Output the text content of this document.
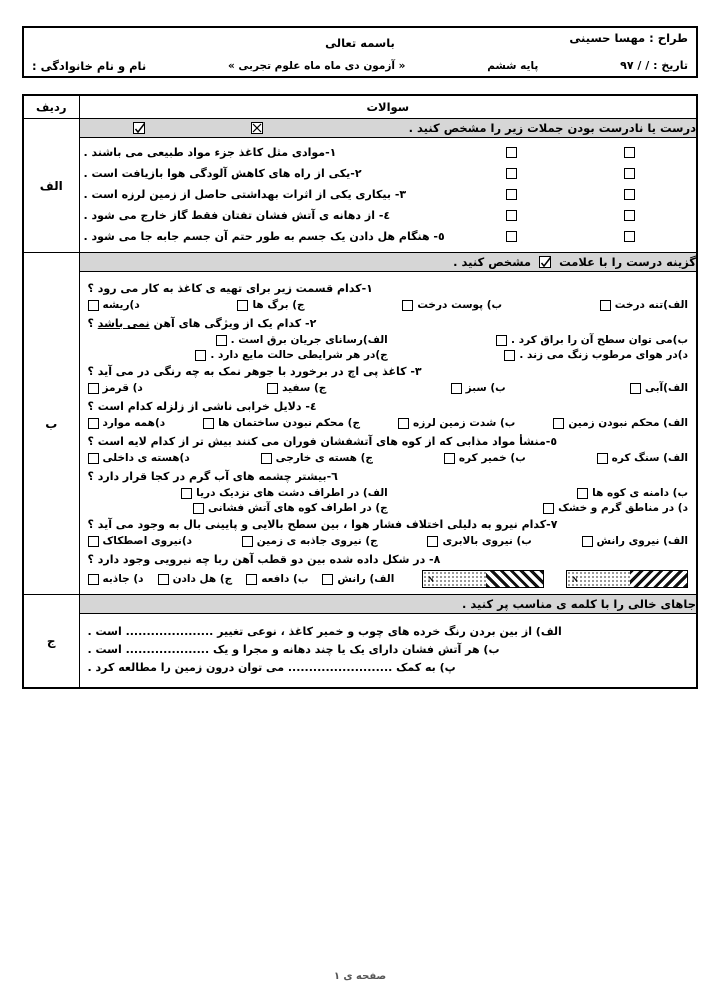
طراح : مهسا حسینی
باسمه تعالی
تاریخ : / / ۹۷
پایه ششم
« آزمون دی ماه ماه علوم تجربی »
نام و نام خانوادگی :
سوالات	ردیف
درست یا نادرست بودن جملات زیر را مشخص کنید .	الف

۱-موادی مثل کاغذ جزء مواد طبیعی می باشند .
۲-یکی از راه های کاهش آلودگی هوا بازیافت است .
۳- بیکاری یکی از اثرات بهداشتی حاصل از زمین لرزه است .
٤- از دهانه ی آتش فشان تفتان فقط گاز خارج می شود .
٥- هنگام هل دادن یک جسم به طور حتم آن جسم جابه جا می شود .	

گزینه درست را با علامت
مشخص کنید .	ب

۱-کدام قسمت زیر برای تهیه ی کاغذ به کار می رود ؟
الف)تنه درخت
ب) پوست درخت
ج) برگ ها
د)ریشه
۲- کدام یک از ویژگی های آهن نمی باشد ؟
ب)می توان سطح آن را براق کرد .
الف)رسانای جریان برق است .
د)در هوای مرطوب زنگ می زند .
ج)در هر شرایطی حالت مایع دارد .
۳- کاغذ پی اچ در برخورد با جوهر نمک به چه رنگی در می آید ؟
الف)آبی
ب) سبز
ج) سفید
د) قرمز
٤- دلایل خرابی ناشی از زلزله کدام است ؟
الف) محکم نبودن زمین
ب) شدت زمین لرزه
ج) محکم نبودن ساختمان ها
د)همه موارد
٥-منشأ مواد مذابی که از کوه های آتشفشان فوران می کنند بیش تر از کدام لایه است ؟
الف) سنگ کره
ب) خمیر کره
ج) هسته ی خارجی
د)هسته ی داخلی
٦-بیشتر چشمه های آب گرم در کجا قرار دارد ؟
ب) دامنه ی کوه ها
الف) در اطراف دشت های نزدیک دریا
د) در مناطق گرم و خشک
ج) در اطراف کوه های آتش فشانی
۷-کدام نیرو به دلیلی اختلاف فشار هوا ، بین سطح بالایی و پایینی بال به وجود می آید ؟
الف) نیروی رانش
ب) نیروی بالابری
ج) نیروی جاذبه ی زمین
د)نیروی اصطکاک
۸- در شکل داده شده بین دو قطب آهن ربا چه نیرویی وجود دارد ؟
N
N
الف) رانش
ب) دافعه
ج) هل دادن
د) جاذبه

جاهای خالی را با کلمه ی مناسب پر کنید .	ج

الف) از بین بردن رنگ خرده های چوب و خمیر کاغذ ، نوعی تغییر ..................... است .
ب) هر آتش فشان دارای یک یا چند دهانه و مجرا و یک .................... است .
پ) به کمک ......................... می توان درون زمین را مطالعه کرد .	
صفحه ی ۱
